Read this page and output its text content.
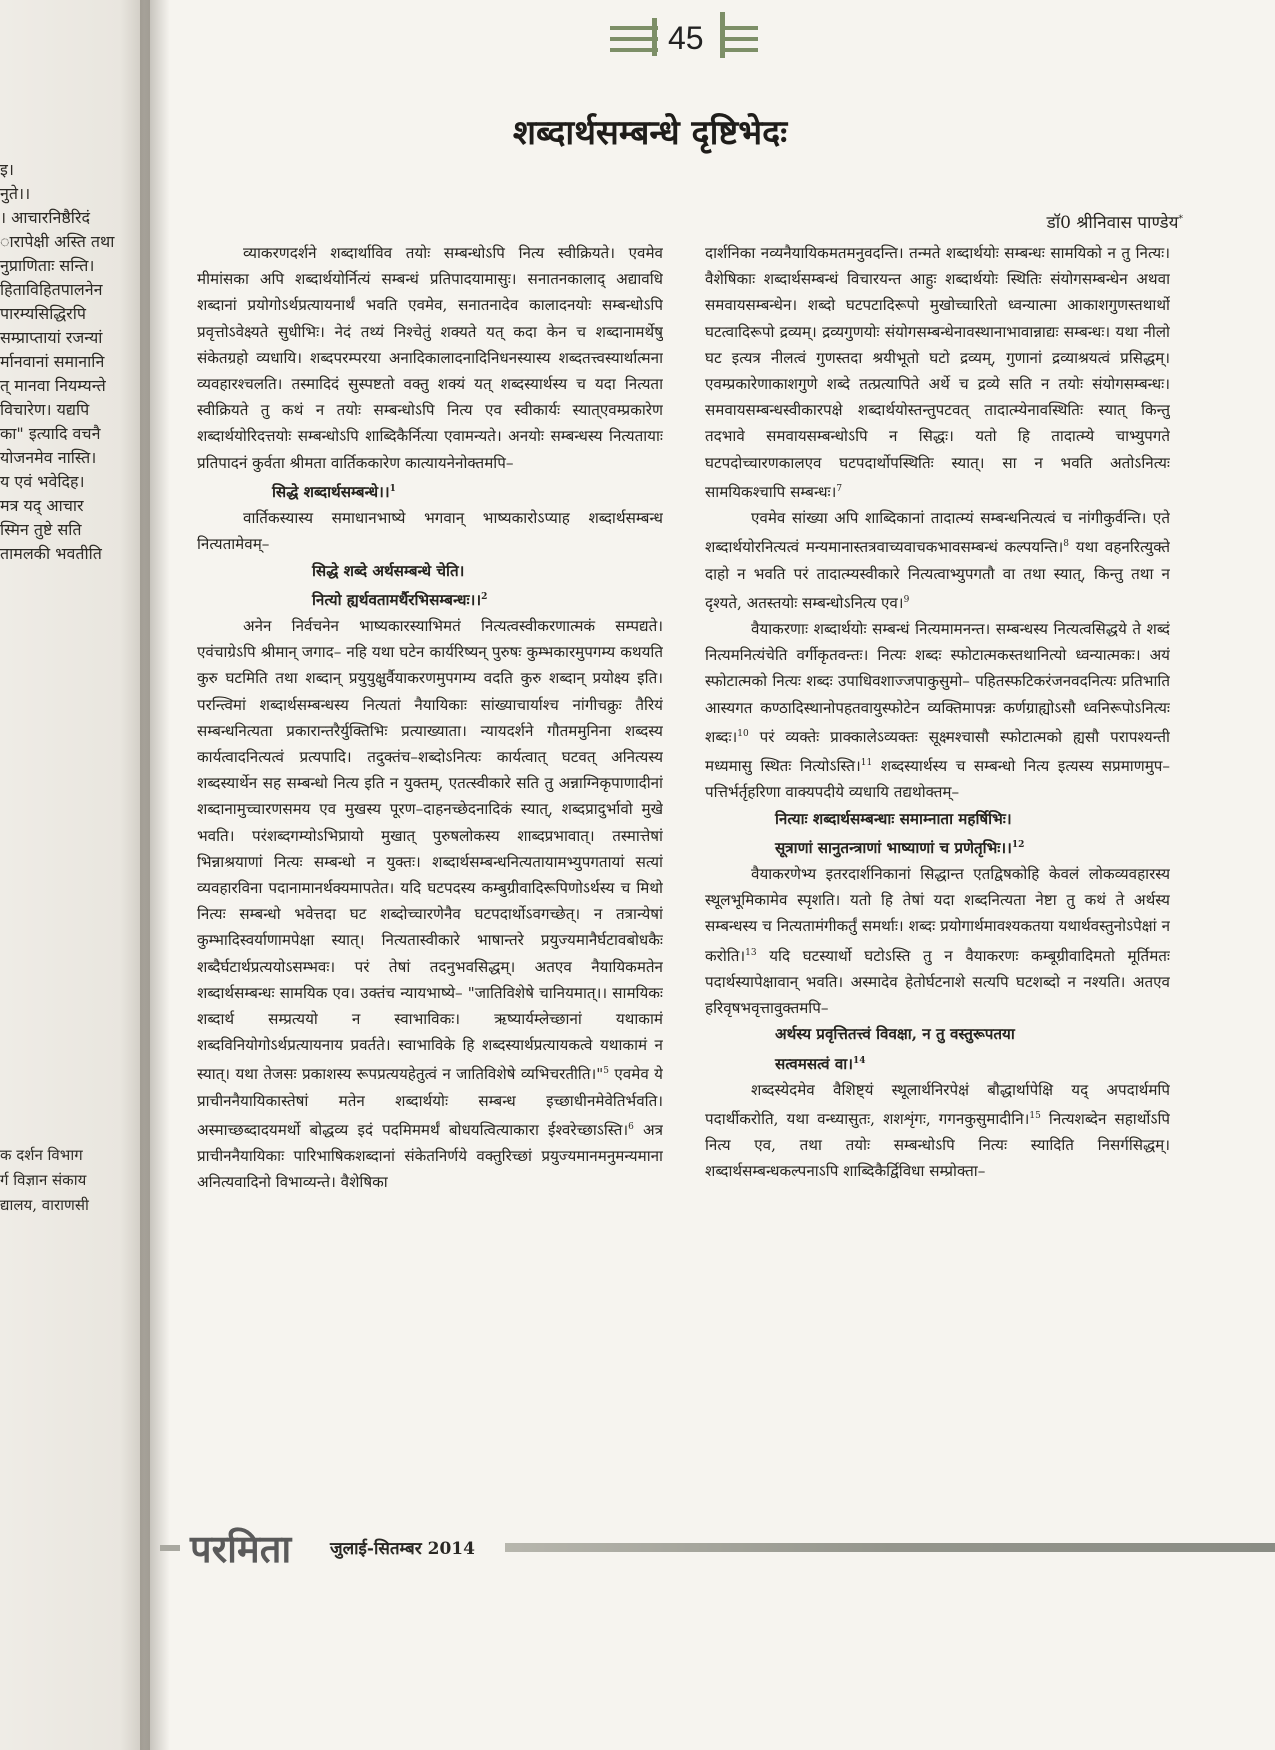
इ।
नुते।।
। आचारनिष्ठैरिदं
ारापेक्षी अस्ति तथा
नुप्राणिताः सन्ति।
हिताविहितपालनेन
पारम्यसिद्धिरपि
सम्प्राप्तायां रजन्यां
र्मानवानां समानानि
त् मानवा नियम्यन्ते
विचारेण। यद्यपि
का" इत्यादि वचनै
योजनमेव नास्ति।
य एवं भवेदिह।
मत्र यद् आचार
स्मिन तुष्टे सति
तामलकी भवतीति
क दर्शन विभाग
र्ग विज्ञान संकाय
द्यालय, वाराणसी
45
शब्दार्थसम्बन्धे दृष्टिभेदः
डॉ0 श्रीनिवास पाण्डेय*

व्याकरणदर्शने शब्दार्थाविव तयोः सम्बन्धोऽपि नित्य स्वीक्रियते। एवमेव मीमांसका अपि शब्दार्थयोर्नित्यं सम्बन्धं प्रतिपादयामासुः। सनातनकालाद् अद्यावधि शब्दानां प्रयोगोऽर्थप्रत्यायनार्थं भवति एवमेव, सनातनादेव कालादनयोः सम्बन्धोऽपि प्रवृत्तोऽवेक्ष्यते सुधीभिः। नेदं तथ्यं निश्चेतुं शक्यते यत् कदा केन च शब्दानामर्थेषु संकेतग्रहो व्यधायि। शब्दपरम्परया अनादिकालादनादिनिधनस्यास्य शब्दतत्त्वस्यार्थात्मना व्यवहारश्चलति। तस्मादिदं सुस्पष्टतो वक्तु शक्यं यत् शब्दस्यार्थस्य च यदा नित्यता स्वीक्रियते तु कथं न तयोः सम्बन्धोऽपि नित्य एव स्वीकार्यः स्यात्एवम्प्रकारेण शब्दार्थयोरिदत्तयोः सम्बन्धोऽपि शाब्दिकैर्नित्या एवामन्यते। अनयोः सम्बन्धस्य नित्यतायाः प्रतिपादनं कुर्वता श्रीमता वार्तिककारेण कात्यायनेनोक्तमपि–

सिद्धे शब्दार्थसम्बन्धे।।$^1$

वार्तिकस्यास्य समाधानभाष्ये भगवान् भाष्यकारोऽप्याह शब्दार्थसम्बन्ध नित्यतामेवम्–

सिद्धे शब्दे अर्थसम्बन्धे चेति।

नित्यो ह्यर्थवतामर्थैरभिसम्बन्धः।।$^2$

अनेन निर्वचनेन भाष्यकारस्याभिमतं नित्यत्वस्वीकरणात्मकं सम्पद्यते। एवंचाग्रेऽपि श्रीमान् जगाद– नहि यथा घटेन कार्यरिष्यन् पुरुषः कुम्भकारमुपगम्य कथयति कुरु घटमिति तथा शब्दान् प्रयुयुक्षुर्वैयाकरणमुपगम्य वदति कुरु शब्दान् प्रयोक्ष्य इति। परन्त्विमां शब्दार्थसम्बन्धस्य नित्यतां नैयायिकाः सांख्याचार्याश्च नांगीचक्रुः तैरियं सम्बन्धनित्यता प्रकारान्तरैर्युक्तिभिः प्रत्याख्याता। न्यायदर्शने गौतममुनिना शब्दस्य कार्यत्वादनित्यत्वं प्रत्यपादि। तदुक्तंच–शब्दोऽनित्यः कार्यत्वात् घटवत् अनित्यस्य शब्दस्यार्थेन सह सम्बन्धो नित्य इति न युक्तम्, एतत्स्वीकारे सति तु अन्नाग्निकृपाणादीनां शब्दानामुच्चारणसमय एव मुखस्य पूरण–दाहनच्छेदनादिकं स्यात्, शब्दप्रादुर्भावो मुखे भवति। परंशब्दगम्योऽभिप्रायो मुखात् पुरुषलोकस्य शाब्दप्रभावात्। तस्मात्तेषां भिन्नाश्रयाणां नित्यः सम्बन्धो न युक्तः। शब्दार्थसम्बन्धनित्यतायामभ्युपगतायां सत्यां व्यवहारविना पदानामानर्थक्यमापतेत। यदि घटपदस्य कम्बुग्रीवादिरूपिणोऽर्थस्य च मिथो नित्यः सम्बन्धो भवेत्तदा घट शब्दोच्चारणेनैव घटपदार्थोऽवगच्छेत्। न तत्रान्येषां कुम्भादिस्वर्याणामपेक्षा स्यात्। नित्यतास्वीकारे भाषान्तरे प्रयुज्यमानैर्घटावबोधकैः शब्दैर्घटार्थप्रत्ययोऽसम्भवः। परं तेषां तदनुभवसिद्धम्। अतएव नैयायिकमतेन शब्दार्थसम्बन्धः सामयिक एव। उक्तंच न्यायभाष्ये– "जातिविशेषे चानियमात्।। सामयिकः शब्दार्थ सम्प्रत्ययो न स्वाभाविकः। ऋष्यार्यम्लेच्छानां यथाकामं शब्दविनियोगोऽर्थप्रत्यायनाय प्रवर्तते। स्वाभाविके हि शब्दस्यार्थप्रत्यायकत्वे यथाकामं न स्यात्। यथा तेजसः प्रकाशस्य रूपप्रत्ययहेतुत्वं न जातिविशेषे व्यभिचरतीति।"$^5$ एवमेव ये प्राचीननैयायिकास्तेषां मतेन शब्दार्थयोः सम्बन्ध इच्छाधीनमेवेतिर्भवति। अस्माच्छब्दादयमर्थो बोद्धव्य इदं पदमिममर्थं बोधयत्वित्याकारा ईश्वरेच्छाऽस्ति।$^6$ अत्र प्राचीननैयायिकाः पारिभाषिकशब्दानां संकेतनिर्णये वक्तुरिच्छां प्रयुज्यमानमनुमन्यमाना अनित्यवादिनो विभाव्यन्ते। वैशेषिका

दार्शनिका नव्यनैयायिकमतमनुवदन्ति। तन्मते शब्दार्थयोः सम्बन्धः सामयिको न तु नित्यः। वैशेषिकाः शब्दार्थसम्बन्धं विचारयन्त आहुः शब्दार्थयोः स्थितिः संयोगसम्बन्धेन अथवा समवायसम्बन्धेन। शब्दो घटपटादिरूपो मुखोच्चारितो ध्वन्यात्मा आकाशगुणस्तथार्थो घटत्वादिरूपो द्रव्यम्। द्रव्यगुणयोः संयोगसम्बन्धेनावस्थानाभावान्नाद्यः सम्बन्धः। यथा नीलो घट इत्यत्र नीलत्वं गुणस्तदा श्रयीभूतो घटो द्रव्यम्, गुणानां द्रव्याश्रयत्वं प्रसिद्धम्। एवम्प्रकारेणाकाशगुणे शब्दे तत्प्रत्यापिते अर्थे च द्रव्ये सति न तयोः संयोगसम्बन्धः। समवायसम्बन्धस्वीकारपक्षे शब्दार्थयोस्तन्तुपटवत् तादात्म्येनावस्थितिः स्यात् किन्तु तदभावे समवायसम्बन्धोऽपि न सिद्धः। यतो हि तादात्म्ये चाभ्युपगते घटपदोच्चारणकालएव घटपदार्थोपस्थितिः स्यात्। सा न भवति अतोऽनित्यः सामयिकश्चापि सम्बन्धः।$^7$

एवमेव सांख्या अपि शाब्दिकानां तादात्म्यं सम्बन्धनित्यत्वं च नांगीकुर्वन्ति। एते शब्दार्थयोरनित्यत्वं मन्यमानास्तत्रवाच्यवाचकभावसम्बन्धं कल्पयन्ति।$^8$ यथा वहनरित्युक्ते दाहो न भवति परं तादात्म्यस्वीकारे नित्यत्वाभ्युपगतौ वा तथा स्यात्, किन्तु तथा न दृश्यते, अतस्तयोः सम्बन्धोऽनित्य एव।$^9$

वैयाकरणाः शब्दार्थयोः सम्बन्धं नित्यमामनन्त। सम्बन्धस्य नित्यत्वसिद्धये ते शब्दं नित्यमनित्यंचेति वर्गीकृतवन्तः। नित्यः शब्दः स्फोटात्मकस्तथानित्यो ध्वन्यात्मकः। अयं स्फोटात्मको नित्यः शब्दः उपाधिवशाज्जपाकुसुमो– पहितस्फटिकरंजनवदनित्यः प्रतिभाति आस्यगत कण्ठादिस्थानोपहतवायुस्फोटेन व्यक्तिमापन्नः कर्णग्राह्योऽसौ ध्वनिरूपोऽनित्यः शब्दः।$^{10}$ परं व्यक्तेः प्राक्कालेऽव्यक्तः सूक्ष्मश्चासौ स्फोटात्मको ह्यसौ परापश्यन्ती मध्यमासु स्थितः नित्योऽस्ति।$^{11}$ शब्दस्यार्थस्य च सम्बन्धो नित्य इत्यस्य सप्रमाणमुप– पत्तिर्भर्तृहरिणा वाक्यपदीये व्यधायि तद्यथोक्तम्–

नित्याः शब्दार्थसम्बन्धाः समाम्नाता महर्षिभिः।

सूत्राणां सानुतन्त्राणां भाष्याणां च प्रणेतृभिः।।$^{12}$

वैयाकरणेभ्य इतरदार्शनिकानां सिद्धान्त एतद्विषकोहि केवलं लोकव्यवहारस्य स्थूलभूमिकामेव स्पृशति। यतो हि तेषां यदा शब्दनित्यता नेष्टा तु कथं ते अर्थस्य सम्बन्धस्य च नित्यतामंगीकर्तुं समर्थाः। शब्दः प्रयोगार्थमावश्यकतया यथार्थवस्तुनोऽपेक्षां न करोति।$^{13}$ यदि घटस्यार्थो घटोऽस्ति तु न वैयाकरणः कम्बूग्रीवादिमतो मूर्तिमतः पदार्थस्यापेक्षावान् भवति। अस्मादेव हेतोर्घटनाशे सत्यपि घटशब्दो न नश्यति। अतएव हरिवृषभवृत्तावुक्तमपि–

अर्थस्य प्रवृत्तितत्त्वं विवक्षा, न तु वस्तुरूपतया

सत्वमसत्वं वा।$^{14}$

शब्दस्येदमेव वैशिष्ट्यं स्थूलार्थनिरपेक्षं बौद्धार्थापेक्षि यद् अपदार्थमपि पदार्थीकरोति, यथा वन्ध्यासुतः, शशशृंगः, गगनकुसुमादीनि।$^{15}$ नित्यशब्देन सहार्थोऽपि नित्य एव, तथा तयोः सम्बन्धोऽपि नित्यः स्यादिति निसर्गसिद्धम्। शब्दार्थसम्बन्धकल्पनाऽपि शाब्दिकैर्द्विविधा सम्प्रोक्ता–

परमिता जुलाई-सितम्बर 2014
